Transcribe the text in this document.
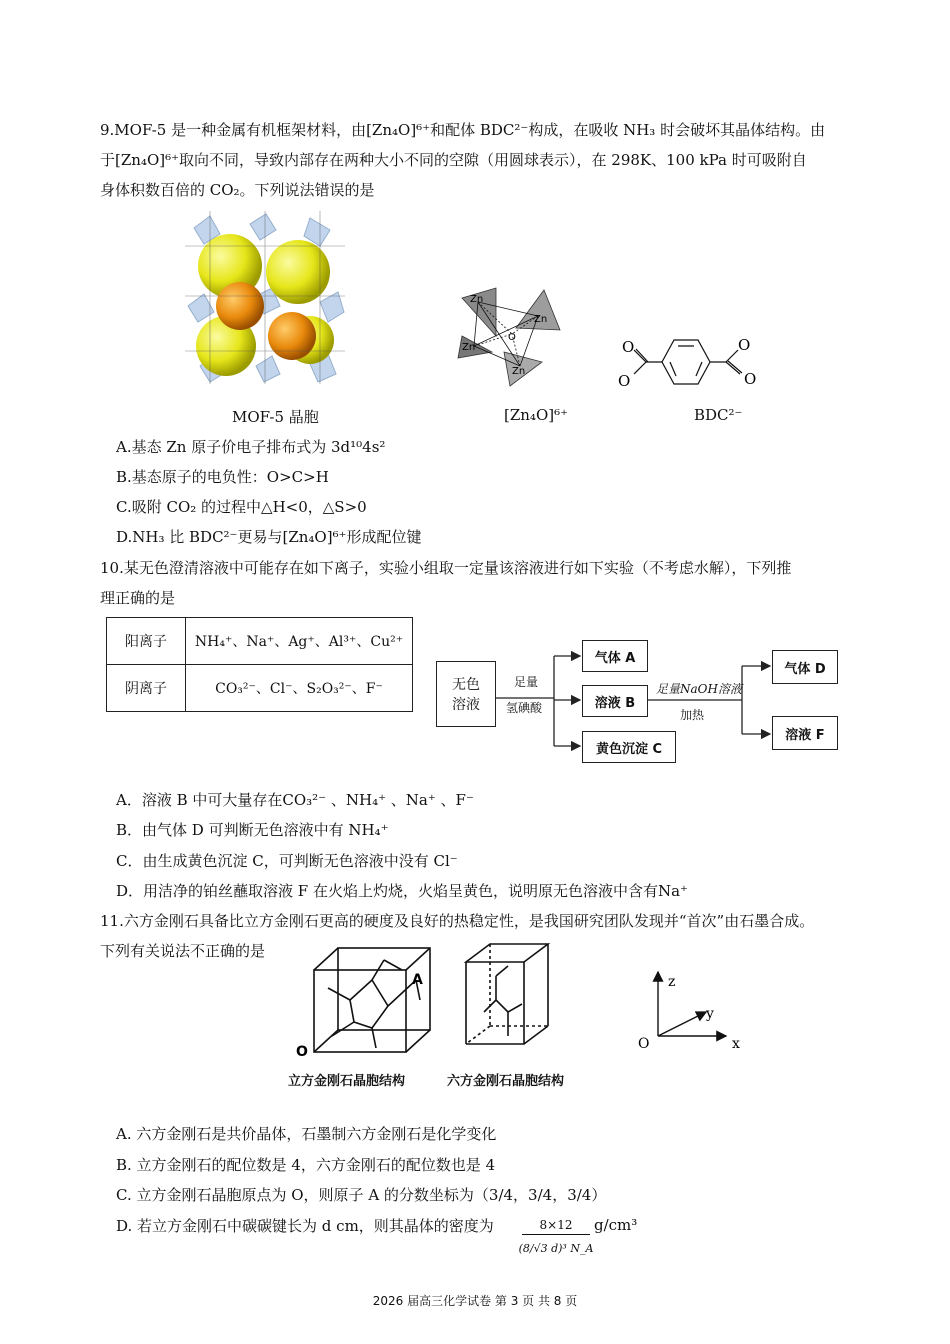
9.MOF-5 是一种金属有机框架材料，由[Zn₄O]⁶⁺和配体 BDC²⁻构成，在吸收 NH₃ 时会破坏其晶体结构。由
于[Zn₄O]⁶⁺取向不同，导致内部存在两种大小不同的空隙（用圆球表示），在 298K、100 kPa 时可吸附自
身体积数百倍的 CO₂。下列说法错误的是
MOF-5 晶胞
Zn
Zn
Zn
Zn
O
[Zn₄O]⁶⁺
O
O
O
O
BDC²⁻
A.基态 Zn 原子价电子排布式为 3d¹⁰4s²
B.基态原子的电负性：O>C>H
C.吸附 CO₂ 的过程中△H<0，△S>0
D.NH₃ 比 BDC²⁻更易与[Zn₄O]⁶⁺形成配位键
10.某无色澄清溶液中可能存在如下离子，实验小组取一定量该溶液进行如下实验（不考虑水解），下列推
理正确的是
阳离子	NH₄⁺、Na⁺、Ag⁺、Al³⁺、Cu²⁺
阴离子	CO₃²⁻、Cl⁻、S₂O₃²⁻、F⁻	无色
溶液
足量
氢碘酸
气体 A
溶液 B
黄色沉淀 C
足量NaOH溶液
加热
气体 D
溶液 F
A．溶液 B 中可大量存在CO₃²⁻ 、NH₄⁺ 、Na⁺ 、F⁻
B．由气体 D 可判断无色溶液中有 NH₄⁺
C．由生成黄色沉淀 C，可判断无色溶液中没有 Cl⁻
D．用洁净的铂丝蘸取溶液 F 在火焰上灼烧，火焰呈黄色，说明原无色溶液中含有Na⁺
11.六方金刚石具备比立方金刚石更高的硬度及良好的热稳定性，是我国研究团队发现并“首次”由石墨合成。
下列有关说法不正确的是
A
O
立方金刚石晶胞结构	六方金刚石晶胞结构
z
y
x
O
A. 六方金刚石是共价晶体，石墨制六方金刚石是化学变化
B. 立方金刚石的配位数是 4，六方金刚石的配位数也是 4
C. 立方金刚石晶胞原点为 O，则原子 A 的分数坐标为（3/4，3/4，3/4）
D. 若立方金刚石中碳碳键长为 d cm，则其晶体的密度为	8×12
(8/√3 d)³ N_A
g/cm³
2026 届高三化学试卷 第 3 页 共 8 页
